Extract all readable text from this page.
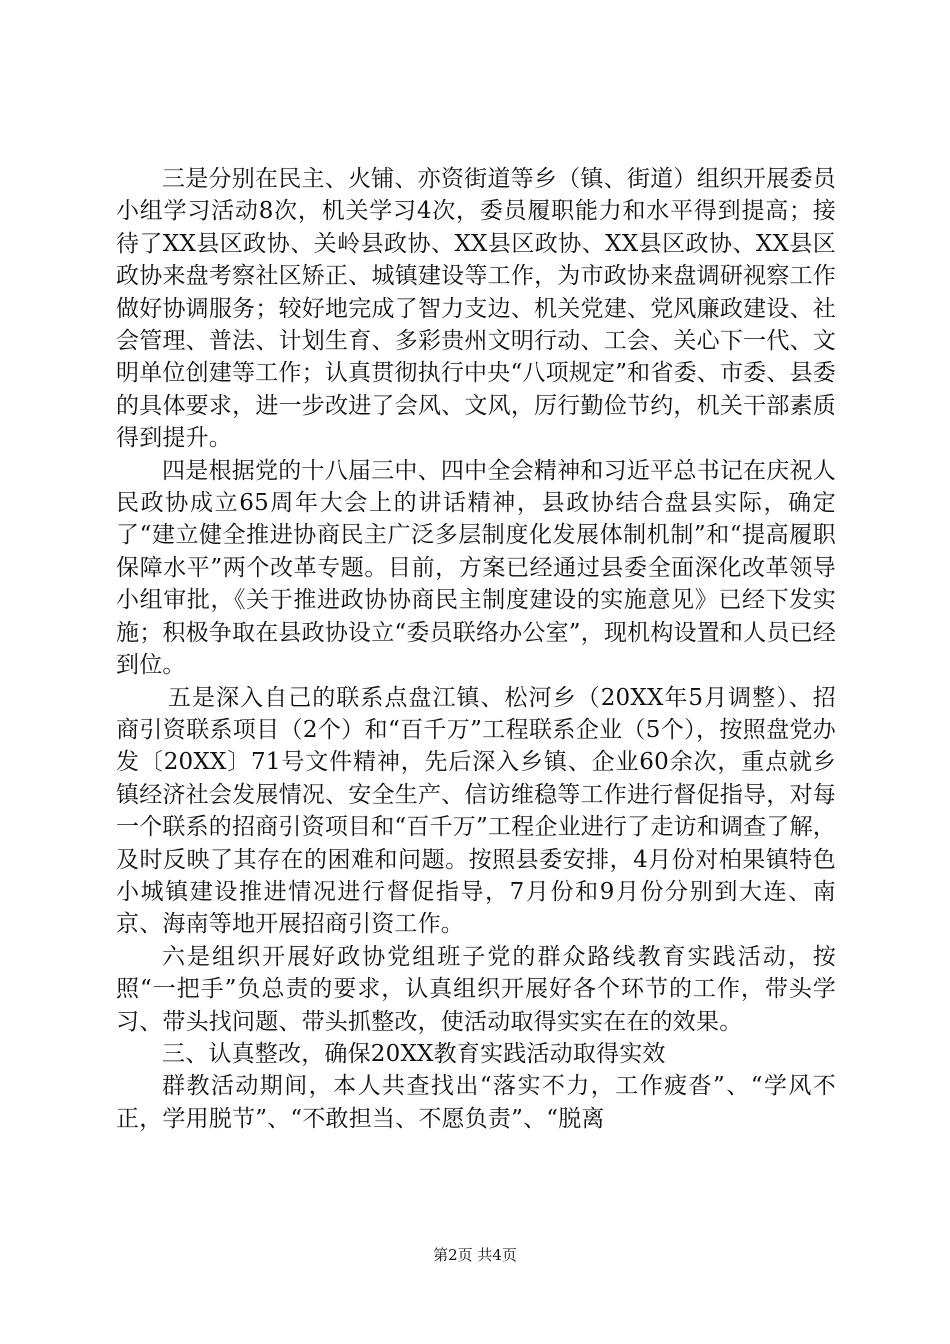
三是分别在民主、火铺、亦资街道等乡（镇、街道）组织开展委员小组学习活动8次，机关学习4次，委员履职能力和水平得到提高；接待了XX县区政协、关岭县政协、XX县区政协、XX县区政协、XX县区政协来盘考察社区矫正、城镇建设等工作，为市政协来盘调研视察工作做好协调服务；较好地完成了智力支边、机关党建、党风廉政建设、社会管理、普法、计划生育、多彩贵州文明行动、工会、关心下一代、文明单位创建等工作；认真贯彻执行中央“八项规定”和省委、市委、县委的具体要求，进一步改进了会风、文风，厉行勤俭节约，机关干部素质得到提升。

四是根据党的十八届三中、四中全会精神和习近平总书记在庆祝人民政协成立65周年大会上的讲话精神，县政协结合盘县实际，确定了“建立健全推进协商民主广泛多层制度化发展体制机制”和“提高履职保障水平”两个改革专题。目前，方案已经通过县委全面深化改革领导小组审批，《关于推进政协协商民主制度建设的实施意见》已经下发实施；积极争取在县政协设立“委员联络办公室”，现机构设置和人员已经到位。

五是深入自己的联系点盘江镇、松河乡（20XX年5月调整）、招商引资联系项目（2个）和“百千万”工程联系企业（5个），按照盘党办发〔20XX〕71号文件精神，先后深入乡镇、企业60余次，重点就乡镇经济社会发展情况、安全生产、信访维稳等工作进行督促指导，对每一个联系的招商引资项目和“百千万”工程企业进行了走访和调查了解，及时反映了其存在的困难和问题。按照县委安排，4月份对柏果镇特色小城镇建设推进情况进行督促指导，7月份和9月份分别到大连、南京、海南等地开展招商引资工作。

六是组织开展好政协党组班子党的群众路线教育实践活动，按照“一把手”负总责的要求，认真组织开展好各个环节的工作，带头学习、带头找问题、带头抓整改，使活动取得实实在在的效果。

三、认真整改，确保20XX教育实践活动取得实效

群教活动期间，本人共查找出“落实不力，工作疲沓”、“学风不正，学用脱节”、“不敢担当、不愿负责”、“脱离

第2页 共4页
